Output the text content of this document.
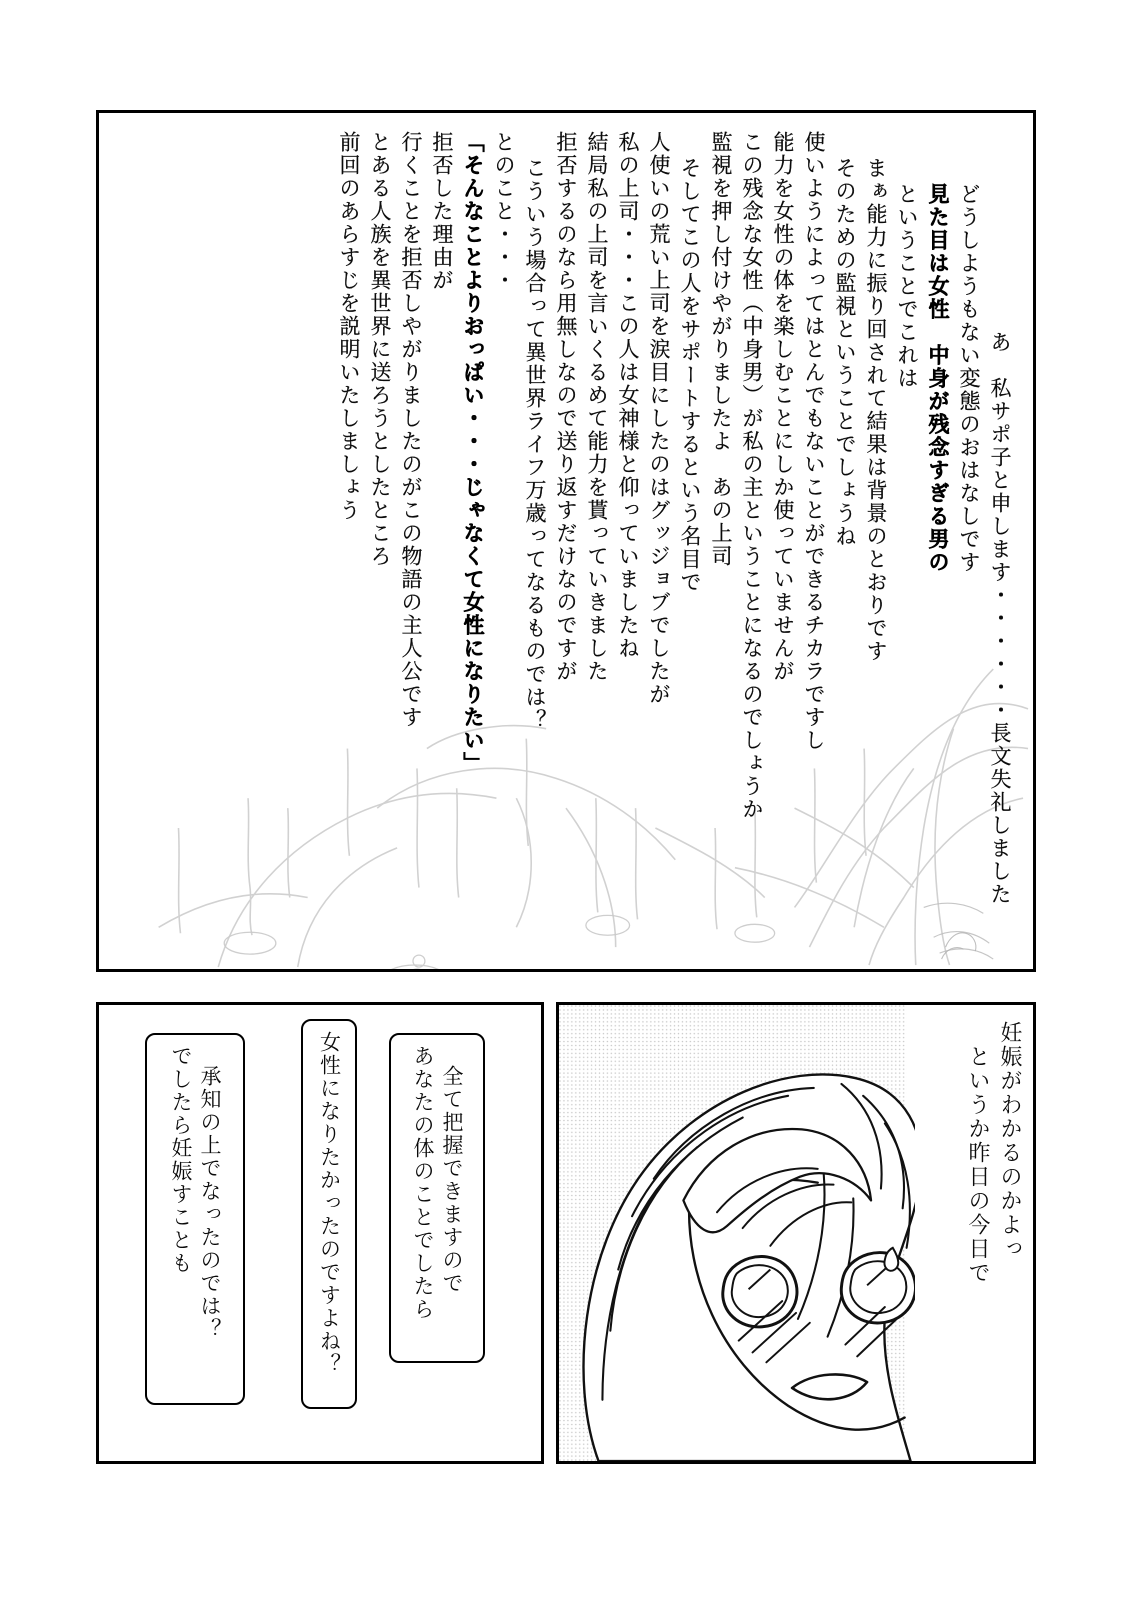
前回のあらすじを説明いたしましょう とある人族を異世界に送ろうとしたところ 行くことを拒否しやがりましたのがこの物語の主人公です 拒否した理由が 「そんなことよりおっぱい・・・じゃなくて女性になりたい」 とのこと・・・ こういう場合って異世界ライフ万歳ってなるものでは？ 拒否するのなら用無しなので送り返すだけなのですが 結局私の上司を言いくるめて能力を貰っていきました 私の上司・・・この人は女神様と仰っていましたね 人使いの荒い上司を涙目にしたのはグッジョブでしたが そしてこの人をサポートするという名目で 監視を押し付けやがりましたよ　あの上司 この残念な女性（中身男）が私の主ということになるのでしょうか 能力を女性の体を楽しむことにしか使っていませんが 使いようによってはとんでもないことができるチカラですし そのための監視ということでしょうね まぁ能力に振り回されて結果は背景のとおりです ということでこれは 見た目は女性　中身が残念すぎる男の どうしようもない変態のおはなしです あ　私サポ子と申します・・・・・・長文失礼しました
あなたの体のことでしたら 全て把握できますので
女性になりたかったのですよね？
でしたら妊娠すことも 承知の上でなったのでは？	というか昨日の今日で 妊娠がわかるのかよっ
